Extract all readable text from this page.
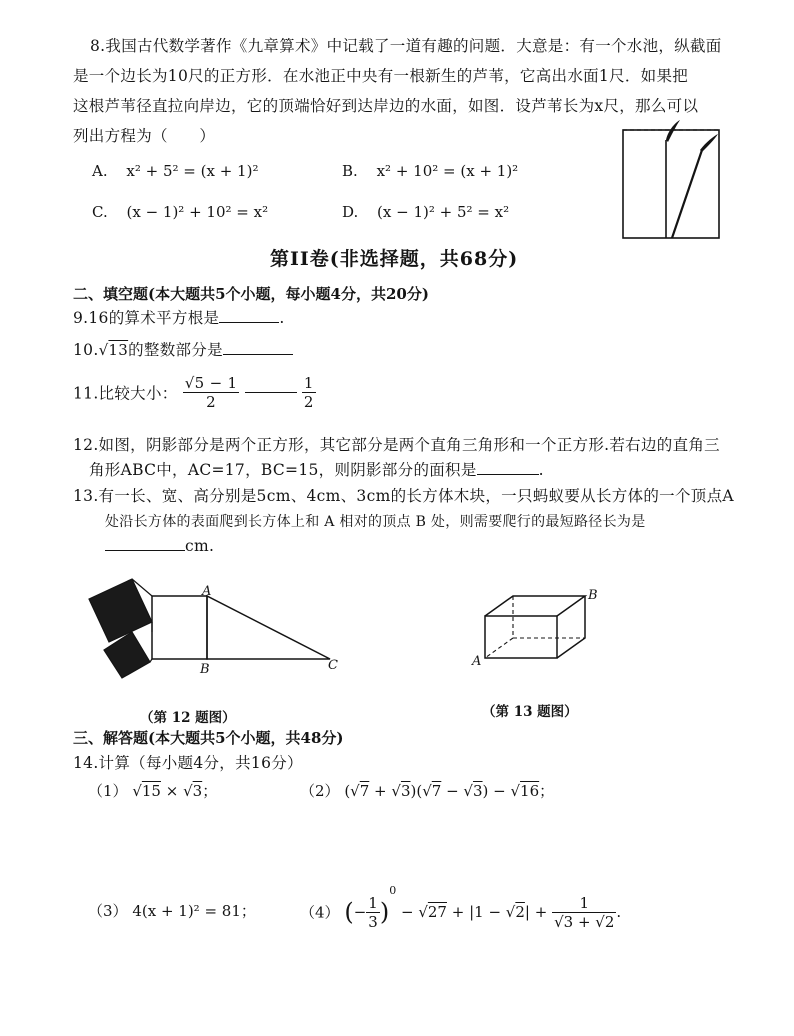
8.我国古代数学著作《九章算术》中记载了一道有趣的问题．大意是：有一个水池，纵截面
是一个边长为10尺的正方形．在水池正中央有一根新生的芦苇，它高出水面1尺．如果把
这根芦苇径直拉向岸边，它的顶端恰好到达岸边的水面，如图．设芦苇长为x尺，那么可以
列出方程为（　　）
A. x² + 5² = (x + 1)²	B. x² + 10² = (x + 1)²
C. (x − 1)² + 10² = x²	D. (x − 1)² + 5² = x²
第II卷(非选择题，共68分)
二、填空题(本大题共5个小题，每小题4分，共20分)
9.16的算术平方根是	.
10.√13的整数部分是
11.比较大小： $\frac{√5 - 1}{2}$
	$\frac{1}{2}$
12.如图，阴影部分是两个正方形，其它部分是两个直角三角形和一个正方形.若右边的直角三
角形ABC中，AC=17，BC=15，则阴影部分的面积是	.
13.有一长、宽、高分别是5cm、4cm、3cm的长方体木块，一只蚂蚁要从长方体的一个顶点A
处沿长方体的表面爬到长方体上和 A 相对的顶点 B 处，则需要爬行的最短路径长为是
cm.
A
B	C
（第 12 题图）
A
B
（第 13 题图）
三、解答题(本大题共5个小题，共48分)
14.计算（每小题4分，共16分）
（1） √15 × √3；	（2） (√7 + √3)(√7 − √3) − √16；
（3） 4(x + 1)² = 81；	（4） (− $\frac{1}{3} )^0 - √27 + |1 - √2| + \frac{1}{√3 + √2}$ .
